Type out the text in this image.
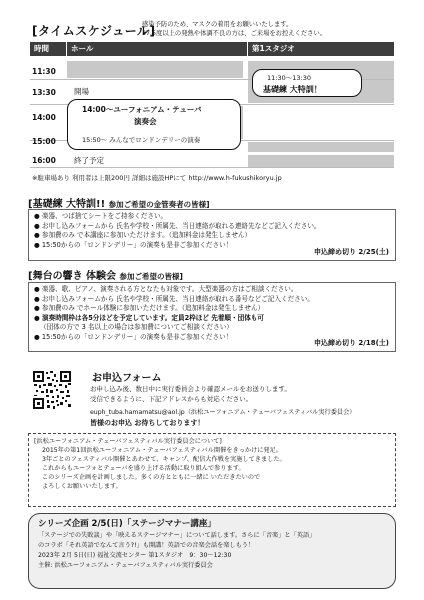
[タイムスケジュール]
感染予防のため、マスクの着用をお願いいたします。
37.5度以上の発熱や体調不良の方は、ご来場をお控えください。
時間	ホール	第1スタジオ
11:30
13:30
14:00
15:00
16:00
開場
終了予定
14:00～ユーフォニアム・テューバ
演奏会
15:50～ みんなでロンドンデリーの演奏
11:30～13:30
基礎練 大特訓！
※駐車場あり 利用者は上限200円 詳細は施設HPにて http://www.h-fukushikoryu.jp
[基礎練 大特訓!! 参加ご希望の金管奏者の皆様]
● 楽器、つば捨てシートをご持参ください。
● お申し込みフォームから 氏名や学校・所属先、当日連絡が取れる連絡先などご記入ください。
● 参加費のみ で本講座に参加いただけます。（追加料金は発生しません）
● 15:50からの「ロンドンデリー」の演奏も是非ご参加ください！
申込締め切り 2/25(土)
[舞台の響き 体験会 参加ご希望の皆様]
● 楽器、歌、ピアノ、演奏される方となたも対象です。大型楽器の方はご相談ください。
● お申し込みフォームから 氏名や学校・所属先、当日連絡が取れる番号などご記入ください。
● 参加費のみ でホール体験に参加いただけます。（追加料金は発生しません）
● 演奏時間枠は各5分ほどを予定しています。定員2枠ほど 先着順・団体も可
（団体の方で 3 名以上の場合は参加費についてご相談ください）
● 15:50からの「ロンドンデリー」の演奏も是非ご参加ください！
申込締め切り 2/18(土)
お申込フォーム
お申し込み後、数日中に実行委員会より確認メールをお送りします。
受信できるように、下記アドレスからも対応ください。
euph_tuba.hamamatsu@aol.jp（浜松ユーフォニアム・テューバフェスティバル実行委員会）
皆様のお申込 お待ちしております！
[浜松ユーフォニアム・テューバフェスティバル実行委員会について]
2015年の第1回浜松ユーフォニアム・テューバフェスティバル開催をきっかけに発足。
3年ごとのフェスティバル開催とあわせて、キャンプ、配信大作戦を実施してきました。
これからもユーフォとテューバを盛り上げる活動に取り組んで参ります。
このシリーズ企画を計画しました。多くの方とともに一緒に いただきたいので
よろしくお願いいたします。
シリーズ企画 2/5(日)「ステージマナー講座」
「ステージでの失敗談」や「映えるステージマナー」について話します。さらに「音楽」と「英語」
のコラボ「それ英語でなんて言う?!」も開講！英語での音楽会話を楽しもう！
2023年 2月 5日(日) 福祉交流センター 第1スタジオ　9：30～12:30
主催: 浜松ユーフォニアム・テューバフェスティバル実行委員会
